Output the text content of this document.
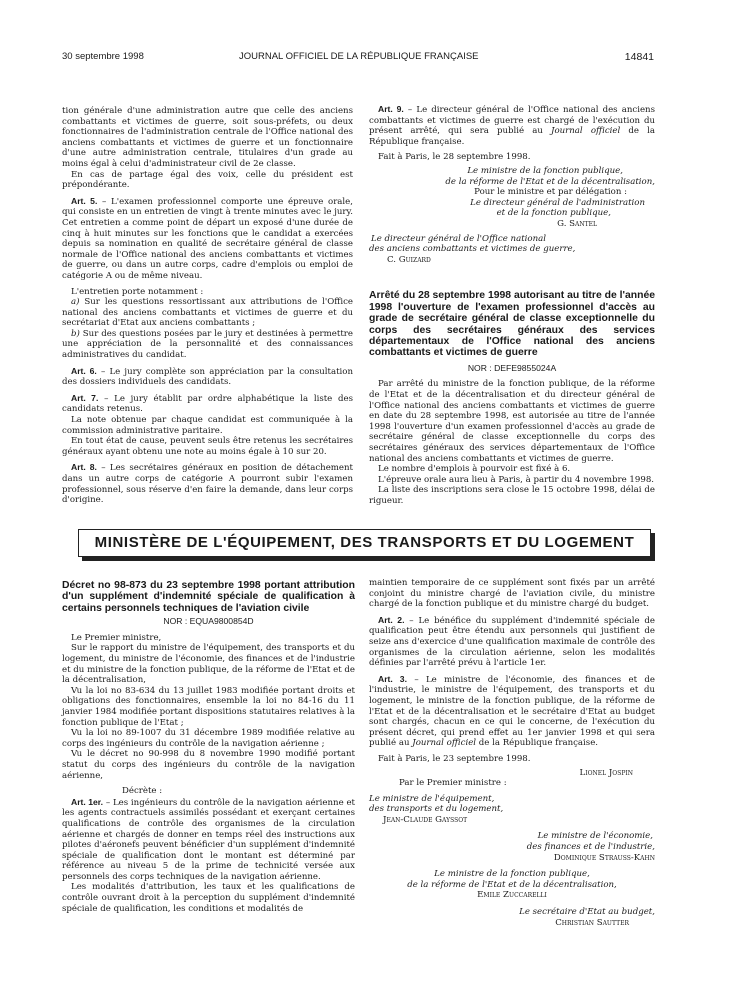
30 septembre 1998	JOURNAL OFFICIEL DE LA RÉPUBLIQUE FRANÇAISE	14841

tion générale d'une administration autre que celle des anciens combattants et victimes de guerre, soit sous-préfets, ou deux fonctionnaires de l'administration centrale de l'Office national des anciens combattants et victimes de guerre et un fonctionnaire d'une autre administration centrale, titulaires d'un grade au moins égal à celui d'administrateur civil de 2e classe.

En cas de partage égal des voix, celle du président est prépondérante.

Art. 5. – L'examen professionnel comporte une épreuve orale, qui consiste en un entretien de vingt à trente minutes avec le jury. Cet entretien a comme point de départ un exposé d'une durée de cinq à huit minutes sur les fonctions que le candidat a exercées depuis sa nomination en qualité de secrétaire général de classe normale de l'Office national des anciens combattants et victimes de guerre, ou dans un autre corps, cadre d'emplois ou emploi de catégorie A ou de même niveau.

L'entretien porte notamment :

a) Sur les questions ressortissant aux attributions de l'Office national des anciens combattants et victimes de guerre et du secrétariat d'Etat aux anciens combattants ;

b) Sur des questions posées par le jury et destinées à permettre une appréciation de la personnalité et des connaissances administratives du candidat.

Art. 6. – Le jury complète son appréciation par la consultation des dossiers individuels des candidats.

Art. 7. – Le jury établit par ordre alphabétique la liste des candidats retenus.

La note obtenue par chaque candidat est communiquée à la commission administrative paritaire.

En tout état de cause, peuvent seuls être retenus les secrétaires généraux ayant obtenu une note au moins égale à 10 sur 20.

Art. 8. – Les secrétaires généraux en position de détachement dans un autre corps de catégorie A pourront subir l'examen professionnel, sous réserve d'en faire la demande, dans leur corps d'origine.

Art. 9. – Le directeur général de l'Office national des anciens combattants et victimes de guerre est chargé de l'exécution du présent arrêté, qui sera publié au Journal officiel de la République française.

Fait à Paris, le 28 septembre 1998.

Le ministre de la fonction publique,
de la réforme de l'Etat et de la décentralisation,
Pour le ministre et par délégation :
Le directeur général de l'administration
et de la fonction publique,
G. Santel
Le directeur général de l'Office national
des anciens combattants et victimes de guerre,
C. Guizard
Arrêté du 28 septembre 1998 autorisant au titre de l'année 1998 l'ouverture de l'examen professionnel d'accès au grade de secrétaire général de classe exceptionnelle du corps des secrétaires généraux des services départementaux de l'Office national des anciens combattants et victimes de guerre
NOR : DEFE9855024A

Par arrêté du ministre de la fonction publique, de la réforme de l'Etat et de la décentralisation et du directeur général de l'Office national des anciens combattants et victimes de guerre en date du 28 septembre 1998, est autorisée au titre de l'année 1998 l'ouverture d'un examen professionnel d'accès au grade de secrétaire général de classe exceptionnelle du corps des secrétaires généraux des services départementaux de l'Office national des anciens combattants et victimes de guerre.

Le nombre d'emplois à pourvoir est fixé à 6.

L'épreuve orale aura lieu à Paris, à partir du 4 novembre 1998.

La liste des inscriptions sera close le 15 octobre 1998, délai de rigueur.

MINISTÈRE DE L'ÉQUIPEMENT, DES TRANSPORTS ET DU LOGEMENT
Décret no 98-873 du 23 septembre 1998 portant attribution d'un supplément d'indemnité spéciale de qualification à certains personnels techniques de l'aviation civile
NOR : EQUA9800854D

Le Premier ministre,

Sur le rapport du ministre de l'équipement, des transports et du logement, du ministre de l'économie, des finances et de l'industrie et du ministre de la fonction publique, de la réforme de l'Etat et de la décentralisation,

Vu la loi no 83-634 du 13 juillet 1983 modifiée portant droits et obligations des fonctionnaires, ensemble la loi no 84-16 du 11 janvier 1984 modifiée portant dispositions statutaires relatives à la fonction publique de l'Etat ;

Vu la loi no 89-1007 du 31 décembre 1989 modifiée relative au corps des ingénieurs du contrôle de la navigation aérienne ;

Vu le décret no 90-998 du 8 novembre 1990 modifié portant statut du corps des ingénieurs du contrôle de la navigation aérienne,

Décrète :

Art. 1er. – Les ingénieurs du contrôle de la navigation aérienne et les agents contractuels assimilés possédant et exerçant certaines qualifications de contrôle des organismes de la circulation aérienne et chargés de donner en temps réel des instructions aux pilotes d'aéronefs peuvent bénéficier d'un supplément d'indemnité spéciale de qualification dont le montant est déterminé par référence au niveau 5 de la prime de technicité versée aux personnels des corps techniques de la navigation aérienne.

Les modalités d'attribution, les taux et les qualifications de contrôle ouvrant droit à la perception du supplément d'indemnité spéciale de qualification, les conditions et modalités de

maintien temporaire de ce supplément sont fixés par un arrêté conjoint du ministre chargé de l'aviation civile, du ministre chargé de la fonction publique et du ministre chargé du budget.

Art. 2. – Le bénéfice du supplément d'indemnité spéciale de qualification peut être étendu aux personnels qui justifient de seize ans d'exercice d'une qualification maximale de contrôle des organismes de la circulation aérienne, selon les modalités définies par l'arrêté prévu à l'article 1er.

Art. 3. – Le ministre de l'économie, des finances et de l'industrie, le ministre de l'équipement, des transports et du logement, le ministre de la fonction publique, de la réforme de l'Etat et de la décentralisation et le secrétaire d'Etat au budget sont chargés, chacun en ce qui le concerne, de l'exécution du présent décret, qui prend effet au 1er janvier 1998 et qui sera publié au Journal officiel de la République française.

Fait à Paris, le 23 septembre 1998.

Lionel Jospin
Par le Premier ministre :
Le ministre de l'équipement,
des transports et du logement,
Jean-Claude Gayssot
Le ministre de l'économie,
des finances et de l'industrie,
Dominique Strauss-Kahn
Le ministre de la fonction publique,
de la réforme de l'Etat et de la décentralisation,
Emile Zuccarelli
Le secrétaire d'Etat au budget,
Christian Sautter
